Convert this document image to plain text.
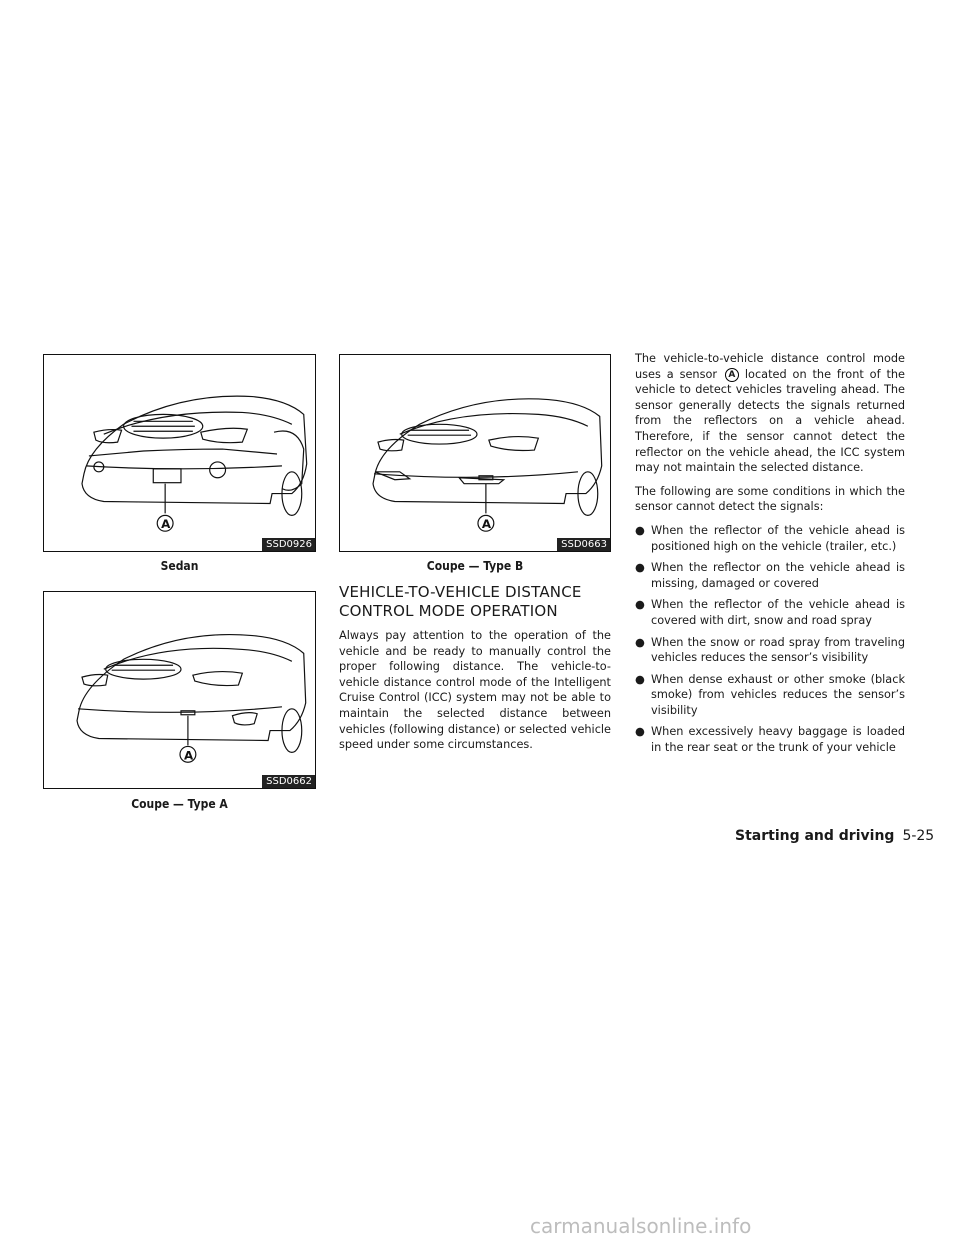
A
SSD0926
Sedan
A
SSD0663
Coupe — Type B
A
SSD0662
Coupe — Type A
VEHICLE-TO-VEHICLE DISTANCE
CONTROL MODE OPERATION

Always pay attention to the operation of the vehicle and be ready to manually control the proper following distance. The vehicle-to-vehicle distance control mode of the Intelligent Cruise Control (ICC) system may not be able to maintain the selected distance between vehicles (following distance) or selected vehicle speed under some circumstances.

The vehicle-to-vehicle distance control mode uses a sensor A located on the front of the vehicle to detect vehicles traveling ahead. The sensor generally detects the signals returned from the reflectors on a vehicle ahead. Therefore, if the sensor cannot detect the reflector on the vehicle ahead, the ICC system may not maintain the selected distance.

The following are some conditions in which the sensor cannot detect the signals:

● When the reflector of the vehicle ahead is positioned high on the vehicle (trailer, etc.)
● When the reflector on the vehicle ahead is missing, damaged or covered
● When the reflector of the vehicle ahead is covered with dirt, snow and road spray
● When the snow or road spray from traveling vehicles reduces the sensor’s visibility
● When dense exhaust or other smoke (black smoke) from vehicles reduces the sensor’s visibility
● When excessively heavy baggage is loaded in the rear seat or the trunk of your vehicle
Starting and driving 5-25
carmanualsonline.info
